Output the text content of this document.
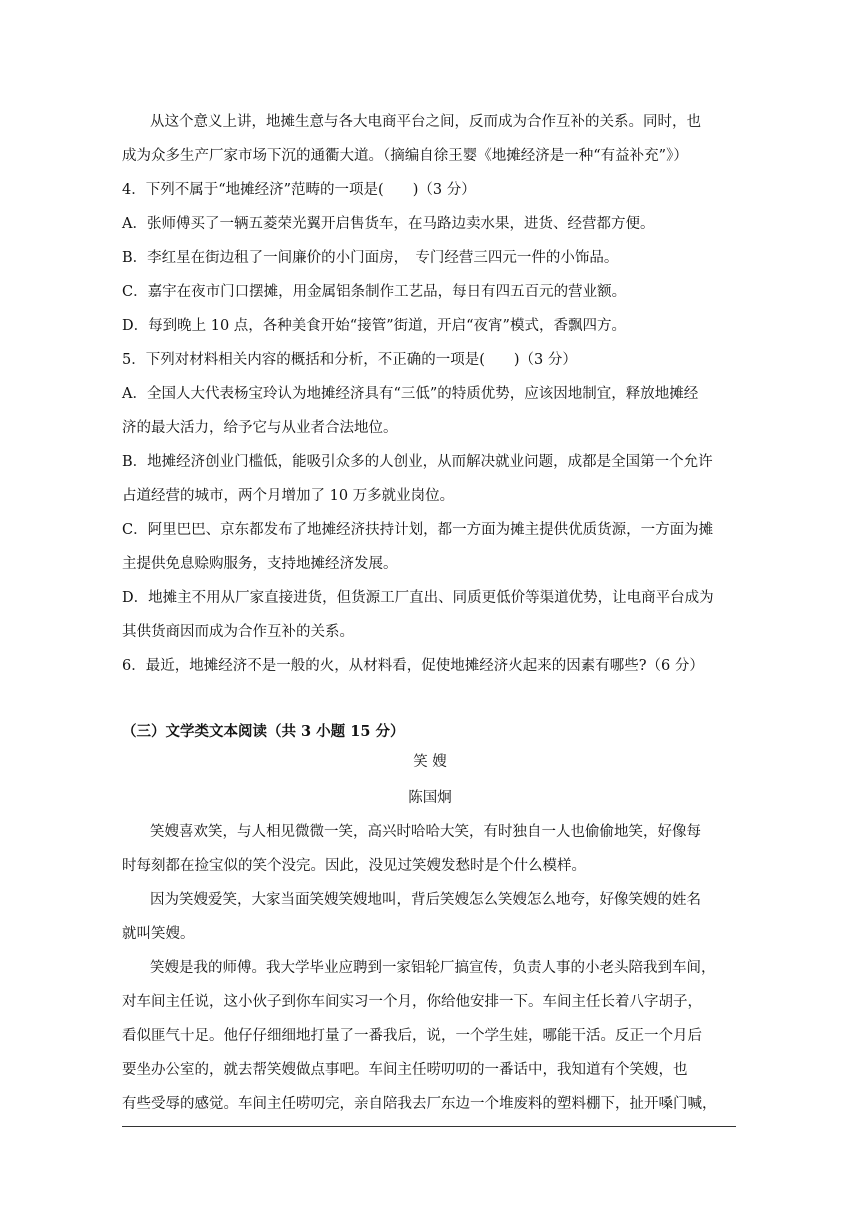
从这个意义上讲，地摊生意与各大电商平台之间，反而成为合作互补的关系。同时，也
成为众多生产厂家市场下沉的通衢大道。（摘编自徐王婴《地摊经济是一种“有益补充”》）
4．下列不属于“地摊经济”范畴的一项是(　　)（3 分）
A．张师傅买了一辆五菱荣光翼开启售货车，在马路边卖水果，进货、经营都方便。
B．李红星在街边租了一间廉价的小门面房，　专门经营三四元一件的小饰品。
C．嘉宇在夜市门口摆摊，用金属铝条制作工艺品，每日有四五百元的营业额。
D．每到晚上 10 点，各种美食开始“接管”街道，开启“夜宵”模式，香飘四方。
5．下列对材料相关内容的概括和分析，不正确的一项是(　　)（3 分）
A．全国人大代表杨宝玲认为地摊经济具有“三低”的特质优势，应该因地制宜，释放地摊经
济的最大活力，给予它与从业者合法地位。
B．地摊经济创业门槛低，能吸引众多的人创业，从而解决就业问题，成都是全国第一个允许
占道经营的城市，两个月增加了 10 万多就业岗位。
C．阿里巴巴、京东都发布了地摊经济扶持计划，都一方面为摊主提供优质货源，一方面为摊
主提供免息赊购服务，支持地摊经济发展。
D．地摊主不用从厂家直接进货，但货源工厂直出、同质更低价等渠道优势，让电商平台成为
其供货商因而成为合作互补的关系。
6．最近，地摊经济不是一般的火，从材料看，促使地摊经济火起来的因素有哪些?（6 分）
（三）文学类文本阅读（共 3 小题 15 分）
笑 嫂
陈国炯
笑嫂喜欢笑，与人相见微微一笑，高兴时哈哈大笑，有时独自一人也偷偷地笑，好像每
时每刻都在捡宝似的笑个没完。因此，没见过笑嫂发愁时是个什么模样。
因为笑嫂爱笑，大家当面笑嫂笑嫂地叫，背后笑嫂怎么笑嫂怎么地夸，好像笑嫂的姓名
就叫笑嫂。
笑嫂是我的师傅。我大学毕业应聘到一家铝轮厂搞宣传，负责人事的小老头陪我到车间，
对车间主任说，这小伙子到你车间实习一个月，你给他安排一下。车间主任长着八字胡子，
看似匪气十足。他仔仔细细地打量了一番我后，说，一个学生娃，哪能干活。反正一个月后
要坐办公室的，就去帮笑嫂做点事吧。车间主任唠叨叨的一番话中，我知道有个笑嫂，也
有些受辱的感觉。车间主任唠叨完，亲自陪我去厂东边一个堆废料的塑料棚下，扯开嗓门喊，
